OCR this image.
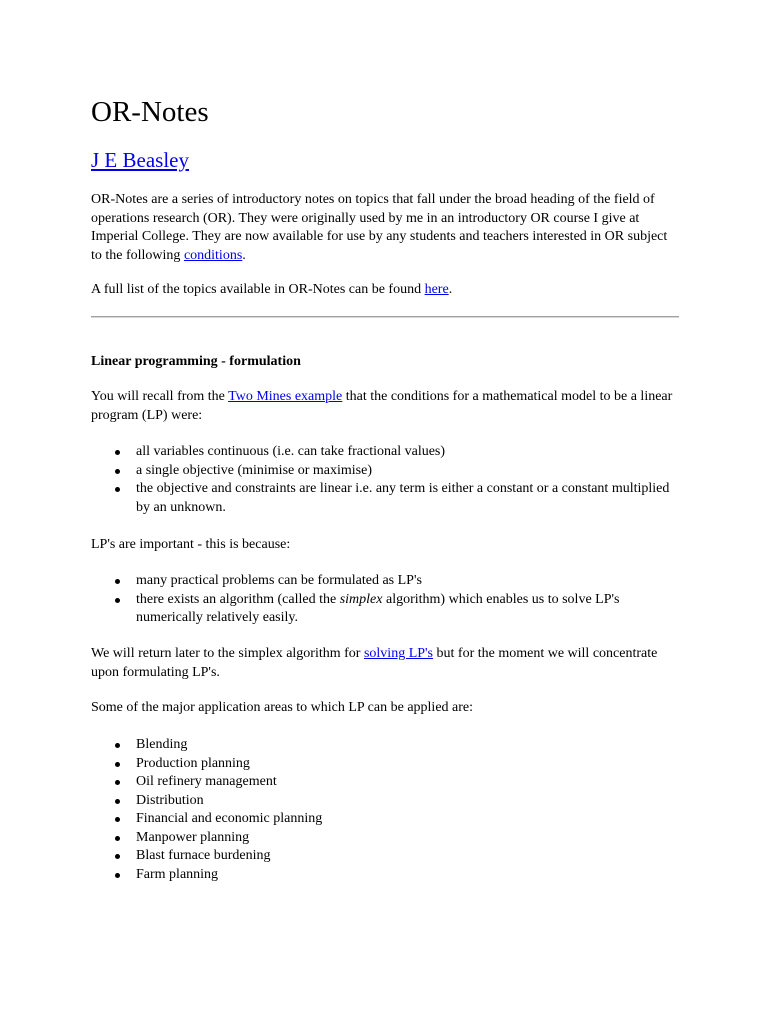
OR-Notes
J E Beasley

OR-Notes are a series of introductory notes on topics that fall under the broad heading of the field of operations research (OR). They were originally used by me in an introductory OR course I give at Imperial College. They are now available for use by any students and teachers interested in OR subject to the following conditions.

A full list of the topics available in OR-Notes can be found here.

Linear programming - formulation

You will recall from the Two Mines example that the conditions for a mathematical model to be a linear program (LP) were:

all variables continuous (i.e. can take fractional values)
a single objective (minimise or maximise)
the objective and constraints are linear i.e. any term is either a constant or a constant multiplied by an unknown.

LP's are important - this is because:

many practical problems can be formulated as LP's
there exists an algorithm (called the simplex algorithm) which enables us to solve LP's numerically relatively easily.

We will return later to the simplex algorithm for solving LP's but for the moment we will concentrate upon formulating LP's.

Some of the major application areas to which LP can be applied are:

Blending
Production planning
Oil refinery management
Distribution
Financial and economic planning
Manpower planning
Blast furnace burdening
Farm planning
